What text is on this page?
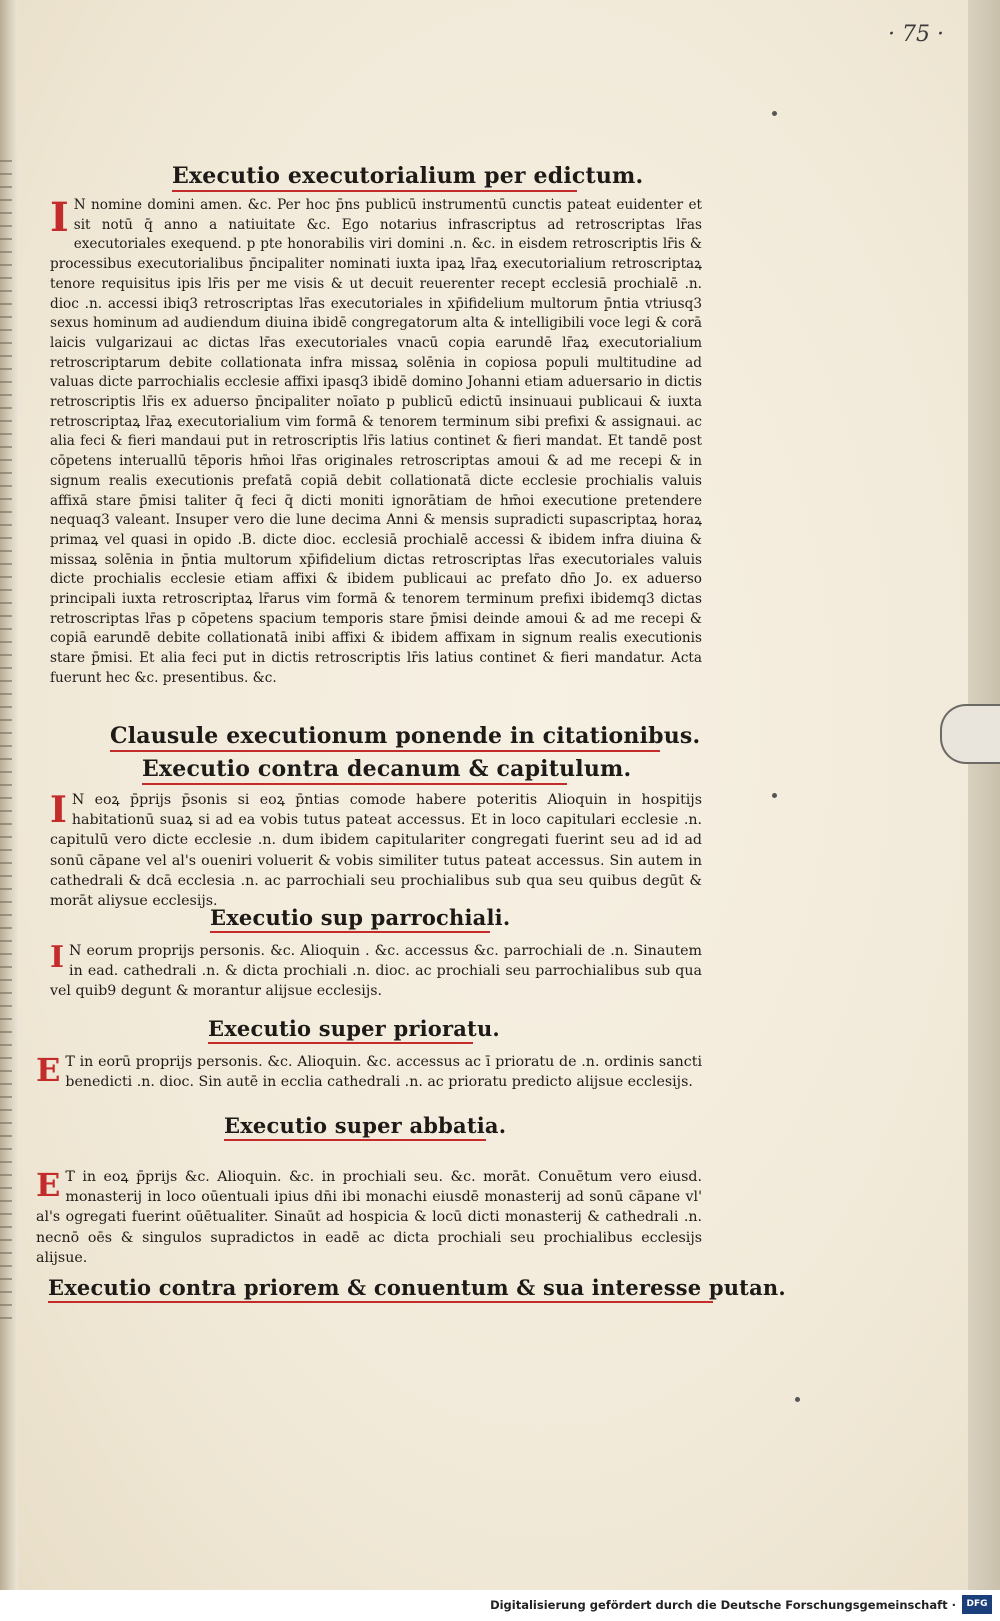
· 75 ·
Executio executorialium per edictum.

I N nomine domini amen. &c. Per hoc p̄ns publicū instrumentū cunctis pateat euidenter et sit notū q̄ anno a natiuitate &c. Ego notarius infrascriptus ad retroscriptas lr̄as executoriales exequend. p pte honorabilis viri domini .n. &c. in eisdem retroscriptis lr̄is & processibus executorialibus p̄ncipaliter nominati iuxta ipaꝝ lr̄aꝝ executorialium retroscriptaꝝ tenore requisitus ipis lr̄is per me visis & ut decuit reuerenter recept ecclesiā prochialē .n. dioc .n. accessi ibiq3 retroscriptas lr̄as executoriales in xp̄ifidelium multorum p̄ntia vtriusq3 sexus hominum ad audiendum diuina ibidē congregatorum alta & intelligibili voce legi & corā laicis vulgarizaui ac dictas lr̄as executoriales vnacū copia earundē lr̄aꝝ executorialium retroscriptarum debite collationata infra missaꝝ solēnia in copiosa populi multitudine ad valuas dicte parrochialis ecclesie affixi ipasq3 ibidē domino Johanni etiam aduersario in dictis retroscriptis lr̄is ex aduerso p̄ncipaliter noīato p publicū edictū insinuaui publicaui & iuxta retroscriptaꝝ lr̄aꝝ executorialium vim formā & tenorem terminum sibi prefixi & assignaui. ac alia feci & fieri mandaui put in retroscriptis lr̄is latius continet & fieri mandat. Et tandē post cōpetens interuallū tēporis hm̄oi lr̄as originales retroscriptas amoui & ad me recepi & in signum realis executionis prefatā copiā debit collationatā dicte ecclesie prochialis valuis affixā stare p̄misi taliter q̄ feci q̄ dicti moniti ignorātiam de hm̄oi executione pretendere nequaq3 valeant. Insuper vero die lune decima Anni & mensis supradicti supascriptaꝝ horaꝝ primaꝝ vel quasi in opido .B. dicte dioc. ecclesiā prochialē accessi & ibidem infra diuina & missaꝝ solēnia in p̄ntia multorum xp̄ifidelium dictas retroscriptas lr̄as executoriales valuis dicte prochialis ecclesie etiam affixi & ibidem publicaui ac prefato dn̄o Jo. ex aduerso principali iuxta retroscriptaꝝ lr̄arus vim formā & tenorem terminum prefixi ibidemq3 dictas retroscriptas lr̄as p cōpetens spacium temporis stare p̄misi deinde amoui & ad me recepi & copiā earundē debite collationatā inibi affixi & ibidem affixam in signum realis executionis stare p̄misi. Et alia feci put in dictis retroscriptis lr̄is latius continet & fieri mandatur. Acta fuerunt hec &c. presentibus. &c.

Clausule executionum ponende in citationibus.
Executio contra decanum & capitulum.

I N eoꝝ p̄prijs p̄sonis si eoꝝ p̄ntias comode habere poteritis Alioquin in hospitijs habitationū suaꝝ si ad ea vobis tutus pateat accessus. Et in loco capitulari ecclesie .n. capitulū vero dicte ecclesie .n. dum ibidem capitulariter congregati fuerint seu ad id ad sonū cāpane vel al's oueniri voluerit & vobis similiter tutus pateat accessus. Sin autem in cathedrali & dcā ecclesia .n. ac parrochiali seu prochialibus sub qua seu quibus degūt & morāt aliysue ecclesijs.

Executio sup parrochiali.

I N eorum proprijs personis. &c. Alioquin . &c. accessus &c. parrochiali de .n. Sinautem in ead. cathedrali .n. & dicta prochiali .n. dioc. ac prochiali seu parrochialibus sub qua vel quib9 degunt & morantur alijsue ecclesijs.

Executio super prioratu.

E T in eorū proprijs personis. &c. Alioquin. &c. accessus ac ī prioratu de .n. ordinis sancti benedicti .n. dioc. Sin autē in ecclia cathedrali .n. ac prioratu predicto alijsue ecclesijs.

Executio super abbatia.

E T in eoꝝ p̄prijs &c. Alioquin. &c. in prochiali seu. &c. morāt. Conuētum vero eiusd. monasterij in loco oūentuali ipius dn̄i ibi monachi eiusdē monasterij ad sonū cāpane vl' al's ogregati fuerint oūētualiter. Sinaūt ad hospicia & locū dicti monasterij & cathedrali .n. necnō oēs & singulos supradictos in eadē ac dicta prochiali seu prochialibus ecclesijs alijsue.

Executio contra priorem & conuentum & sua interesse putan.
Digitalisierung gefördert durch die Deutsche Forschungsgemeinschaft ·	DFG
